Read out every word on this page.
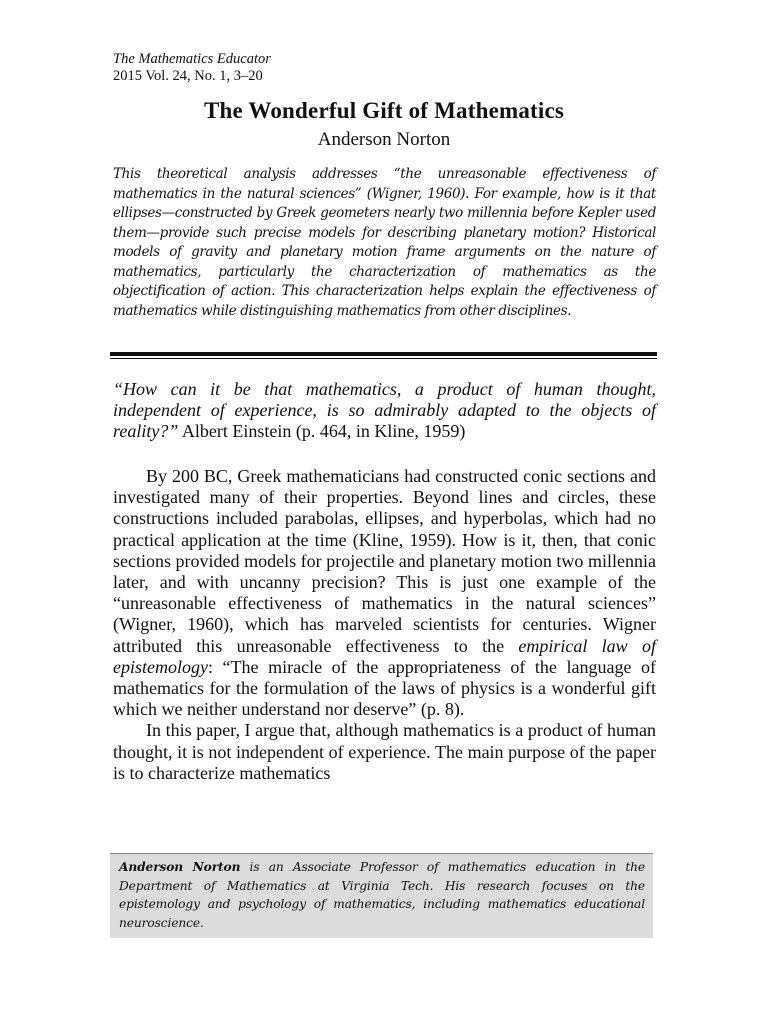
The Mathematics Educator
2015 Vol. 24, No. 1, 3–20
The Wonderful Gift of Mathematics
Anderson Norton
This theoretical analysis addresses “the unreasonable effectiveness of mathematics in the natural sciences” (Wigner, 1960). For example, how is it that ellipses—constructed by Greek geometers nearly two millennia before Kepler used them—provide such precise models for describing planetary motion? Historical models of gravity and planetary motion frame arguments on the nature of mathematics, particularly the characterization of mathematics as the objectification of action. This characterization helps explain the effectiveness of mathematics while distinguishing mathematics from other disciplines.
“How can it be that mathematics, a product of human thought, independent of experience, is so admirably adapted to the objects of reality?” Albert Einstein (p. 464, in Kline, 1959)

By 200 BC, Greek mathematicians had constructed conic sections and investigated many of their properties. Beyond lines and circles, these constructions included parabolas, ellipses, and hyperbolas, which had no practical application at the time (Kline, 1959). How is it, then, that conic sections provided models for projectile and planetary motion two millennia later, and with uncanny precision? This is just one example of the “unreasonable effectiveness of mathematics in the natural sciences” (Wigner, 1960), which has marveled scientists for centuries. Wigner attributed this unreasonable effectiveness to the empirical law of epistemology: “The miracle of the appropriateness of the language of mathematics for the formulation of the laws of physics is a wonderful gift which we neither understand nor deserve” (p. 8).

In this paper, I argue that, although mathematics is a product of human thought, it is not independent of experience. The main purpose of the paper is to characterize mathematics

Anderson Norton is an Associate Professor of mathematics education in the Department of Mathematics at Virginia Tech. His research focuses on the epistemology and psychology of mathematics, including mathematics educational neuroscience.
